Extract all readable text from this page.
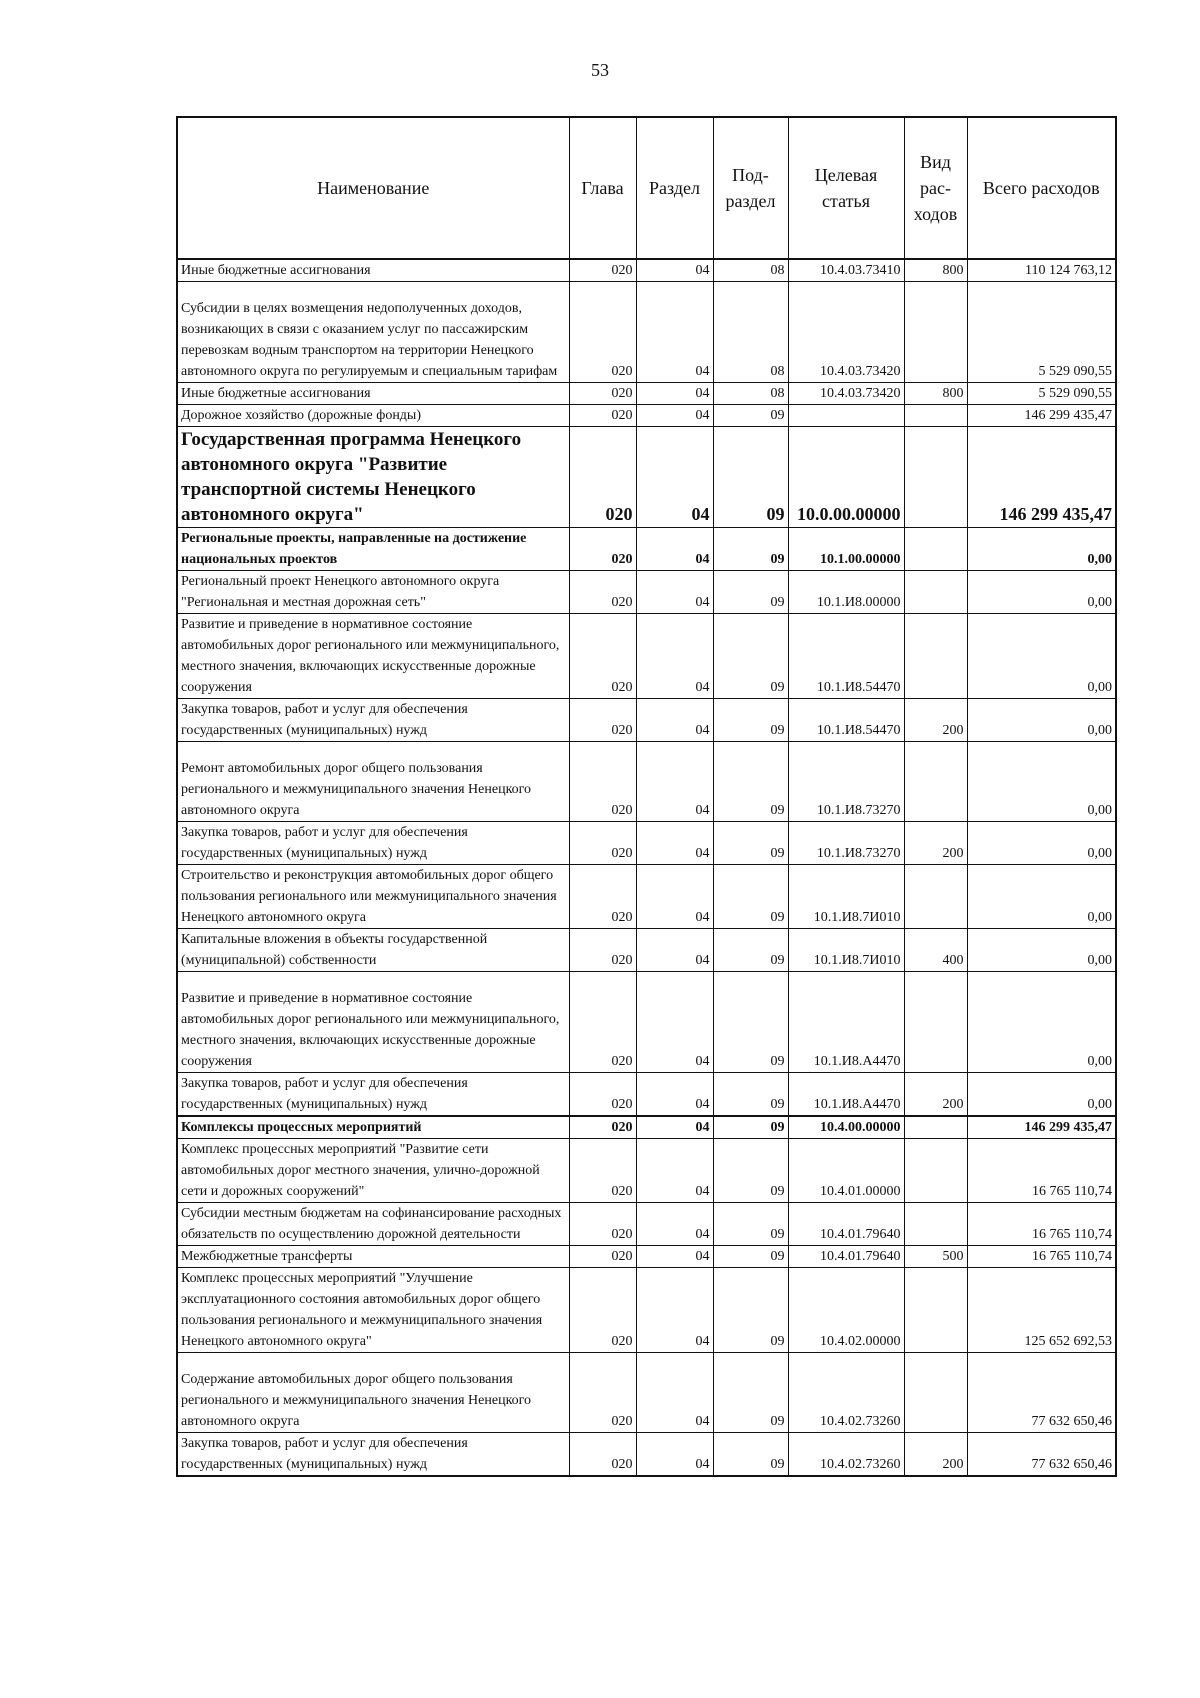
53
Наименование	Глава	Раздел	Под-раздел	Целевая статья	Вид рас-ходов	Всего расходов
Иные бюджетные ассигнования	020	04	08	10.4.03.73410	800	110 124 763,12
Субсидии в целях возмещения недополученных доходов, возникающих в связи с оказанием услуг по пассажирским перевозкам водным транспортом на территории Ненецкого автономного округа по регулируемым и специальным тарифам	020	04	08	10.4.03.73420		5 529 090,55
Иные бюджетные ассигнования	020	04	08	10.4.03.73420	800	5 529 090,55
Дорожное хозяйство (дорожные фонды)	020	04	09			146 299 435,47
Государственная программа Ненецкого автономного округа "Развитие транспортной системы Ненецкого автономного округа"	020	04	09	10.0.00.00000		146 299 435,47
Региональные проекты, направленные на достижение национальных проектов	020	04	09	10.1.00.00000		0,00
Региональный проект Ненецкого автономного округа "Региональная и местная дорожная сеть"	020	04	09	10.1.И8.00000		0,00
Развитие и приведение в нормативное состояние автомобильных дорог регионального или межмуниципального, местного значения, включающих искусственные дорожные сооружения	020	04	09	10.1.И8.54470		0,00
Закупка товаров, работ и услуг для обеспечения государственных (муниципальных) нужд	020	04	09	10.1.И8.54470	200	0,00
Ремонт автомобильных дорог общего пользования регионального и межмуниципального значения Ненецкого автономного округа	020	04	09	10.1.И8.73270		0,00
Закупка товаров, работ и услуг для обеспечения государственных (муниципальных) нужд	020	04	09	10.1.И8.73270	200	0,00
Строительство и реконструкция автомобильных дорог общего пользования регионального или межмуниципального значения Ненецкого автономного округа	020	04	09	10.1.И8.7И010		0,00
Капитальные вложения в объекты государственной (муниципальной) собственности	020	04	09	10.1.И8.7И010	400	0,00
Развитие и приведение в нормативное состояние автомобильных дорог регионального или межмуниципального, местного значения, включающих искусственные дорожные сооружения	020	04	09	10.1.И8.А4470		0,00
Закупка товаров, работ и услуг для обеспечения государственных (муниципальных) нужд	020	04	09	10.1.И8.А4470	200	0,00
Комплексы процессных мероприятий	020	04	09	10.4.00.00000		146 299 435,47
Комплекс процессных мероприятий "Развитие сети автомобильных дорог местного значения, улично-дорожной сети и дорожных сооружений"	020	04	09	10.4.01.00000		16 765 110,74
Субсидии местным бюджетам на софинансирование расходных обязательств по осуществлению дорожной деятельности	020	04	09	10.4.01.79640		16 765 110,74
Межбюджетные трансферты	020	04	09	10.4.01.79640	500	16 765 110,74
Комплекс процессных мероприятий "Улучшение эксплуатационного состояния автомобильных дорог общего пользования регионального и межмуниципального значения Ненецкого автономного округа"	020	04	09	10.4.02.00000		125 652 692,53
Содержание автомобильных дорог общего пользования регионального и межмуниципального значения Ненецкого автономного округа	020	04	09	10.4.02.73260		77 632 650,46
Закупка товаров, работ и услуг для обеспечения государственных (муниципальных) нужд	020	04	09	10.4.02.73260	200	77 632 650,46
